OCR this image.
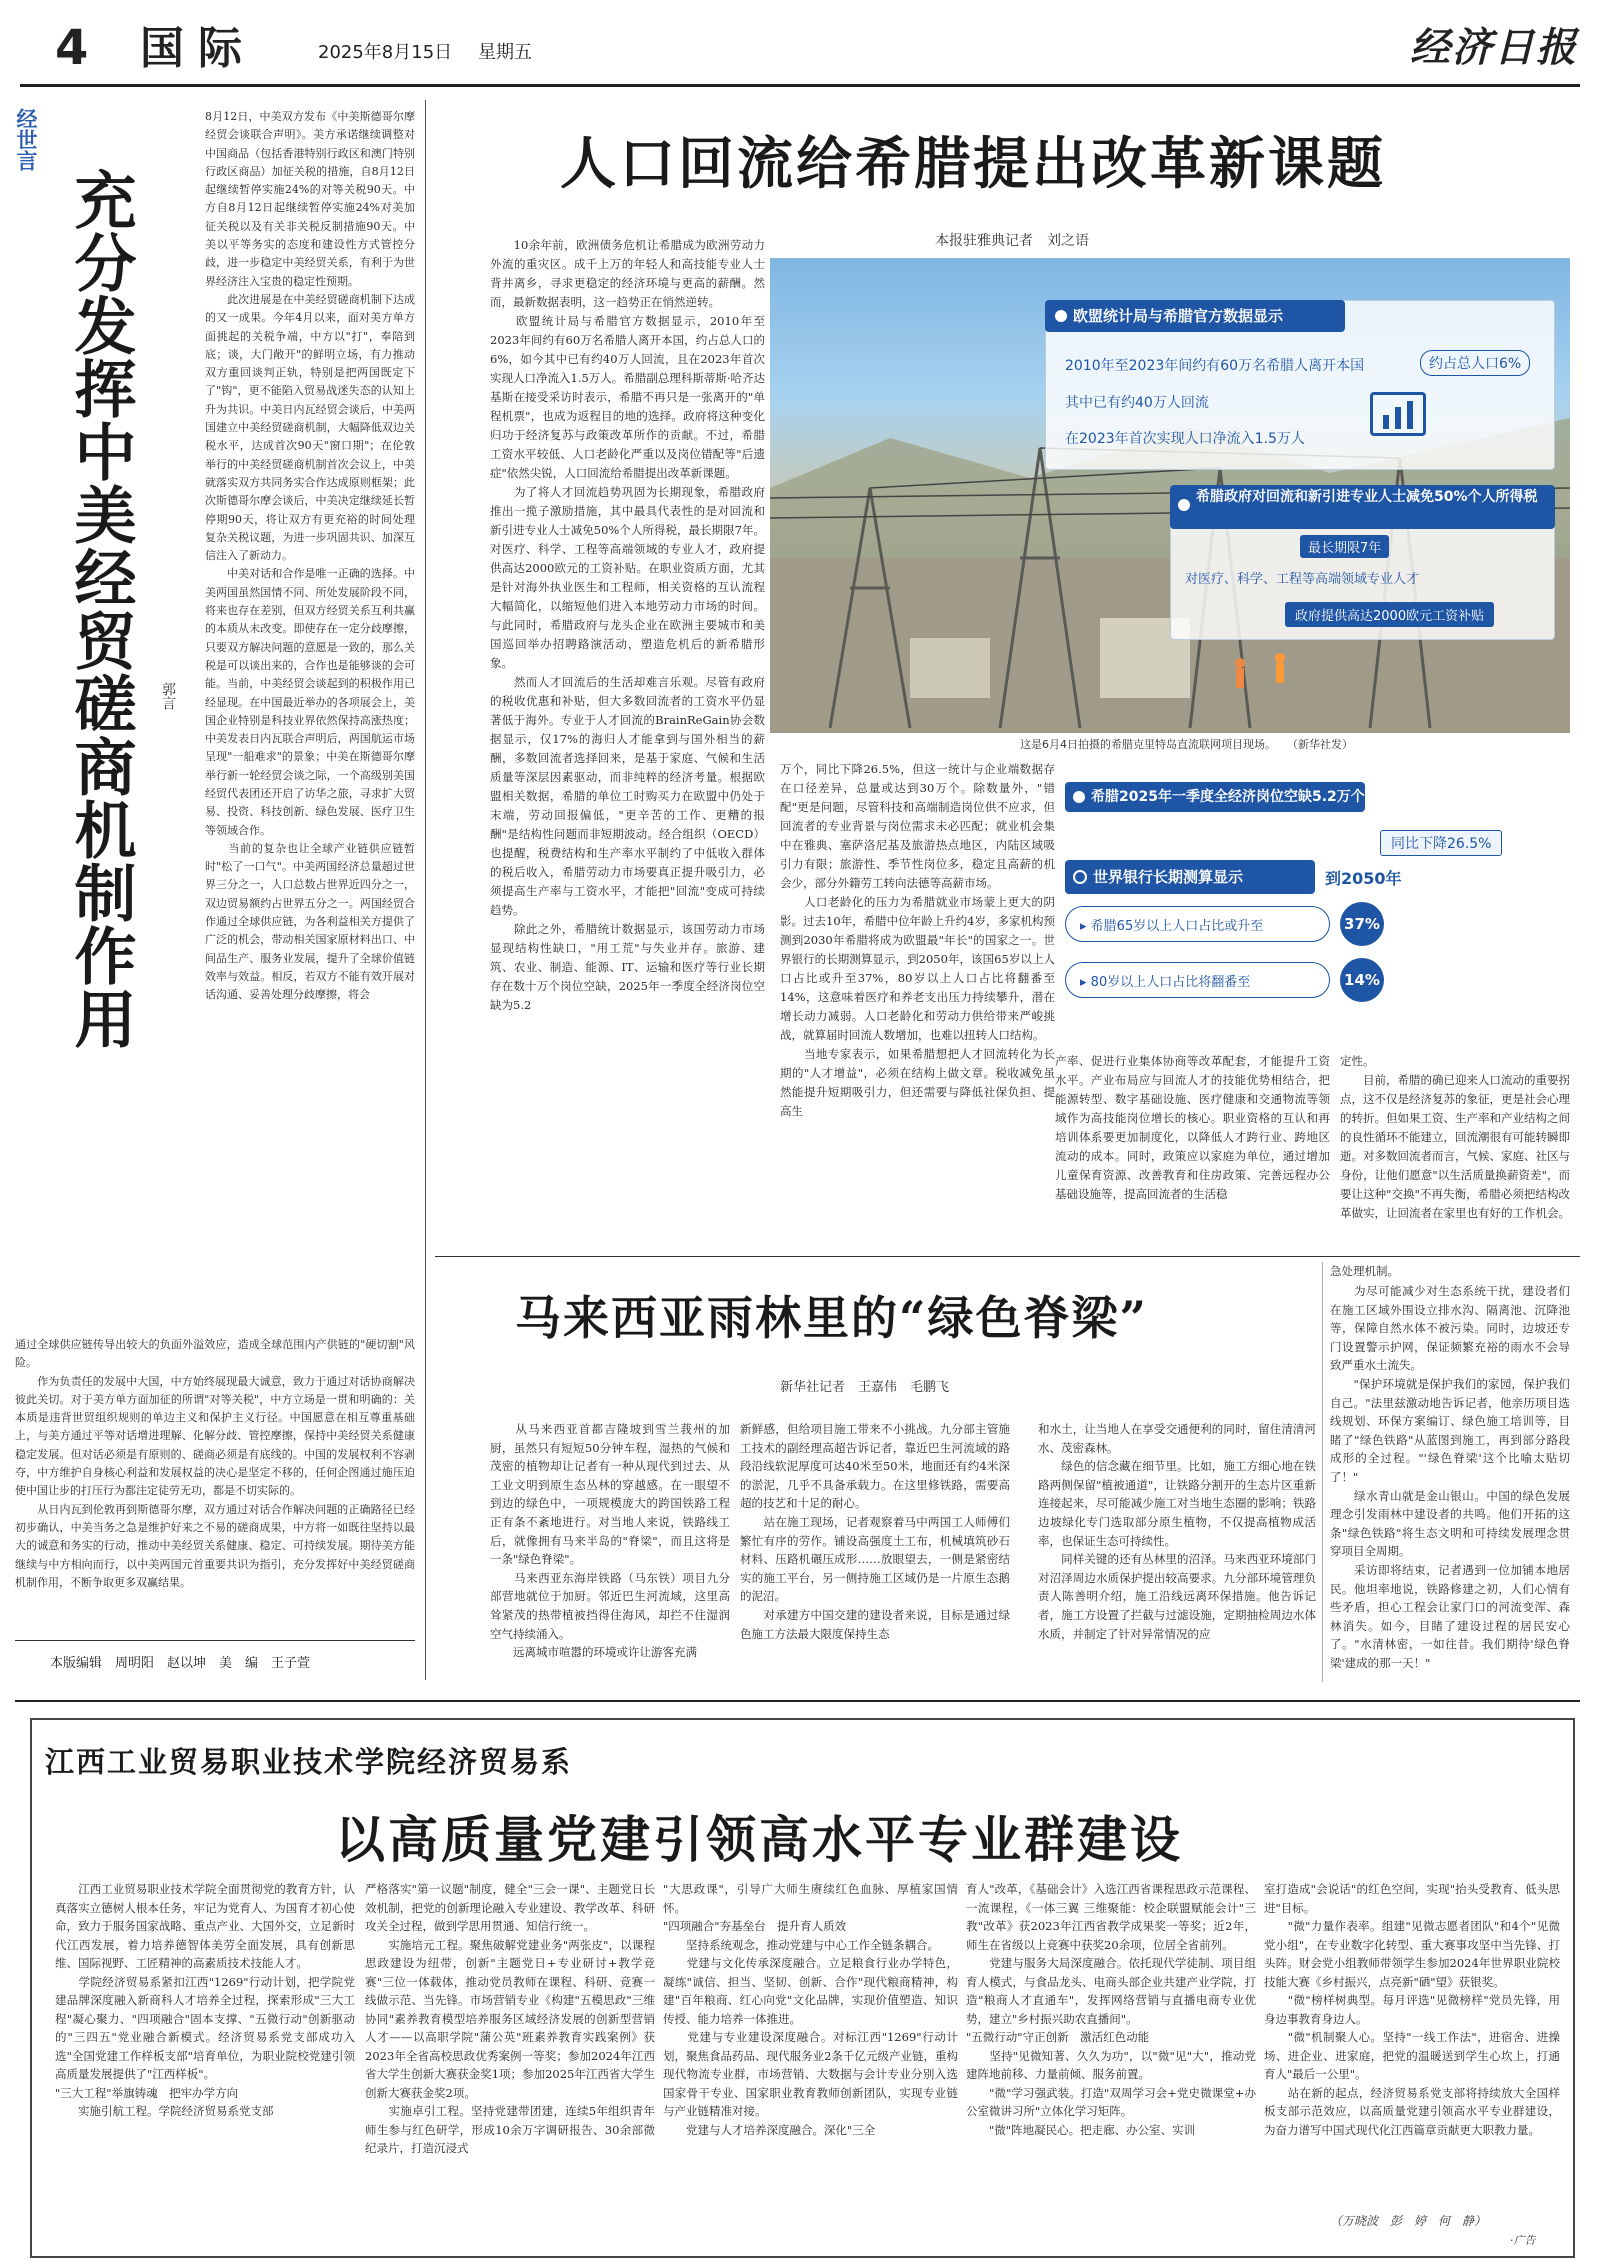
4 国际	2025年8月15日 星期五	经济日报
经世言
充分发挥中美经贸磋商机制作用	郭言
8月12日，中美双方发布《中美斯德哥尔摩经贸会谈联合声明》。美方承诺继续调整对中国商品（包括香港特别行政区和澳门特别行政区商品）加征关税的措施，自8月12日起继续暂停实施24%的对等关税90天。中方自8月12日起继续暂停实施24%对美加征关税以及有关非关税反制措施90天。中美以平等务实的态度和建设性方式管控分歧，进一步稳定中美经贸关系，有利于为世界经济注入宝贵的稳定性预期。
　　此次进展是在中美经贸磋商机制下达成的又一成果。今年4月以来，面对美方单方面挑起的关税争端，中方以"打"，奉陪到底；谈，大门敞开"的鲜明立场，有力推动双方重回谈判正轨，特别是把两国既定下了"钩"，更不能陷入贸易战迷失态的认知上升为共识。中美日内瓦经贸会谈后，中美两国建立中美经贸磋商机制，大幅降低双边关税水平，达成首次90天"窗口期"；在伦敦举行的中美经贸磋商机制首次会议上，中美就落实双方共同务实合作达成原则框架；此次斯德哥尔摩会谈后，中美决定继续延长暂停期90天，将让双方有更充裕的时间处理复杂关税议题，为进一步巩固共识、加深互信注入了新动力。
　　中美对话和合作是唯一正确的选择。中美两国虽然国情不同、所处发展阶段不同，将来也存在差别，但双方经贸关系互利共赢的本质从未改变。即使存在一定分歧摩擦，只要双方解决问题的意愿是一致的，那么关税是可以谈出来的，合作也是能够谈的会可能。当前，中美经贸会谈起到的积极作用已经显现。在中国最近举办的各项展会上，美国企业特别是科技业界依然保持高涨热度；中美发表日内瓦联合声明后，两国航运市场呈现"一船难求"的景象；中美在斯德哥尔摩举行新一轮经贸会谈之际，一个高级别美国经贸代表团还开启了访华之旅，寻求扩大贸易、投资、科技创新、绿色发展、医疗卫生等领域合作。
　　当前的复杂也让全球产业链供应链暂时"松了一口气"。中美两国经济总量超过世界三分之一，人口总数占世界近四分之一，双边贸易额约占世界五分之一。两国经贸合作通过全球供应链，为各利益相关方提供了广泛的机会，带动相关国家原材料出口、中间品生产、服务业发展，提升了全球价值链效率与效益。相反，若双方不能有效开展对话沟通、妥善处理分歧摩擦，将会
通过全球供应链传导出较大的负面外溢效应，造成全球范围内产供链的"硬切割"风险。
　　作为负责任的发展中大国，中方始终展现最大诚意，致力于通过对话协商解决彼此关切。对于美方单方面加征的所谓"对等关税"，中方立场是一贯和明确的：关本质是违背世贸组织规则的单边主义和保护主义行径。中国愿意在相互尊重基础上，与美方通过平等对话增进理解、化解分歧、管控摩擦，保持中美经贸关系健康稳定发展。但对话必须是有原则的、磋商必须是有底线的。中国的发展权利不容剥夺，中方维护自身核心利益和发展权益的决心是坚定不移的，任何企图通过施压迫使中国让步的打压行为都注定徒劳无功，都是不切实际的。
　　从日内瓦到伦敦再到斯德哥尔摩，双方通过对话合作解决问题的正确路径已经初步确认，中美当务之急是维护好来之不易的磋商成果，中方将一如既往坚持以最大的诚意和务实的行动，推动中美经贸关系健康、稳定、可持续发展。期待美方能继续与中方相向而行，以中美两国元首重要共识为指引，充分发挥好中美经贸磋商机制作用，不断争取更多双赢结果。
本版编辑　周明阳　赵以坤　美　编　王子萱
人口回流给希腊提出改革新课题
本报驻雅典记者　刘之语
欧盟统计局与希腊官方数据显示
2010年至2023年间约有60万名希腊人离开本国	约占总人口6%
其中已有约40万人回流
在2023年首次实现人口净流入1.5万人
希腊政府对回流和新引进专业人士减免50%个人所得税
最长期限7年
对医疗、科学、工程等高端领域专业人才
政府提供高达2000欧元工资补贴
这是6月4日拍摄的希腊克里特岛直流联网项目现场。　　（新华社发）
　　10余年前，欧洲债务危机让希腊成为欧洲劳动力外流的重灾区。成千上万的年轻人和高技能专业人士背井离乡，寻求更稳定的经济环境与更高的薪酬。然而，最新数据表明，这一趋势正在悄然逆转。
　　欧盟统计局与希腊官方数据显示，2010年至2023年间约有60万名希腊人离开本国，约占总人口的6%，如今其中已有约40万人回流，且在2023年首次实现人口净流入1.5万人。希腊副总理科斯蒂斯·哈齐达基斯在接受采访时表示，希腊不再只是一张离开的"单程机票"，也成为返程目的地的选择。政府将这种变化归功于经济复苏与政策改革所作的贡献。不过，希腊工资水平较低、人口老龄化严重以及岗位错配等"后遗症"依然尖锐，人口回流给希腊提出改革新课题。
　　为了将人才回流趋势巩固为长期现象，希腊政府推出一揽子激励措施，其中最具代表性的是对回流和新引进专业人士减免50%个人所得税，最长期限7年。对医疗、科学、工程等高端领域的专业人才，政府提供高达2000欧元的工资补贴。在职业资质方面，尤其是针对海外执业医生和工程师，相关资格的互认流程大幅简化，以缩短他们进入本地劳动力市场的时间。与此同时，希腊政府与龙头企业在欧洲主要城市和美国巡回举办招聘路演活动，塑造危机后的新希腊形象。
　　然而人才回流后的生活却难言乐观。尽管有政府的税收优惠和补贴，但大多数回流者的工资水平仍显著低于海外。专业于人才回流的BrainReGain协会数据显示，仅17%的海归人才能拿到与国外相当的薪酬，多数回流者选择回来，是基于家庭、气候和生活质量等深层因素驱动，而非纯粹的经济考量。根据欧盟相关数据，希腊的单位工时购买力在欧盟中仍处于末端，劳动回报偏低，"更辛苦的工作、更糟的报酬"是结构性问题而非短期波动。经合组织（OECD）也提醒，税费结构和生产率水平制约了中低收入群体的税后收入，希腊劳动力市场要真正提升吸引力，必须提高生产率与工资水平，才能把"回流"变成可持续趋势。
　　除此之外，希腊统计数据显示，该国劳动力市场显现结构性缺口，"用工荒"与失业并存。旅游、建筑、农业、制造、能源、IT、运输和医疗等行业长期存在数十万个岗位空缺，2025年一季度全经济岗位空缺为5.2
万个，同比下降26.5%，但这一统计与企业端数据存在口径差异，总量或达到30万个。除数量外，"错配"更是问题，尽管科技和高端制造岗位供不应求，但回流者的专业背景与岗位需求未必匹配；就业机会集中在雅典、塞萨洛尼基及旅游热点地区，内陆区域吸引力有限；旅游性、季节性岗位多，稳定且高薪的机会少，部分外籍劳工转向法德等高薪市场。
　　人口老龄化的压力为希腊就业市场蒙上更大的阴影。过去10年，希腊中位年龄上升约4岁，多家机构预测到2030年希腊将成为欧盟最"年长"的国家之一。世界银行的长期测算显示，到2050年，该国65岁以上人口占比或升至37%，80岁以上人口占比将翻番至14%，这意味着医疗和养老支出压力持续攀升，潜在增长动力减弱。人口老龄化和劳动力供给带来严峻挑战，就算届时回流人数增加，也难以扭转人口结构。
　　当地专家表示，如果希腊想把人才回流转化为长期的"人才增益"，必须在结构上做文章。税收减免虽然能提升短期吸引力，但还需要与降低社保负担、提高生
产率、促进行业集体协商等改革配套，才能提升工资水平。产业布局应与回流人才的技能优势相结合，把能源转型、数字基础设施、医疗健康和交通物流等领域作为高技能岗位增长的核心。职业资格的互认和再培训体系要更加制度化，以降低人才跨行业、跨地区流动的成本。同时，政策应以家庭为单位，通过增加儿童保育资源、改善教育和住房政策、完善远程办公基础设施等，提高回流者的生活稳
定性。
　　目前，希腊的确已迎来人口流动的重要拐点，这不仅是经济复苏的象征，更是社会心理的转折。但如果工资、生产率和产业结构之间的良性循环不能建立，回流潮很有可能转瞬即逝。对多数回流者而言，气候、家庭、社区与身份，让他们愿意"以生活质量换薪资差"，而要让这种"交换"不再失衡，希腊必须把结构改革做实，让回流者在家里也有好的工作机会。
希腊2025年一季度全经济岗位空缺5.2万个
同比下降26.5%
世界银行长期测算显示	到2050年
▸ 希腊65岁以上人口占比或升至	37%
▸ 80岁以上人口占比将翻番至	14%
马来西亚雨林里的“绿色脊梁”
新华社记者　王嘉伟　毛鹏飞
　　从马来西亚首都吉隆坡到雪兰莪州的加厨，虽然只有短短50分钟车程，湿热的气候和茂密的植物却让记者有一种从现代到过去、从工业文明到原生态丛林的穿越感。在一眼望不到边的绿色中，一项规模庞大的跨国铁路工程正有条不紊地进行。对当地人来说，铁路线工后，就像拥有马来半岛的"脊梁"，而且这将是一条"绿色脊梁"。
　　马来西亚东海岸铁路（马东铁）项目九分部营地就位于加厨。邻近巴生河流域，这里高耸紧茂的热带植被挡得住海风，却拦不住湿润空气持续涌入。
　　远离城市喧嚣的环境或许让游客充满
新鲜感，但给项目施工带来不小挑战。九分部主管施工技术的副经理高超告诉记者，靠近巴生河流域的路段沿线软泥厚度可达40米至50米，地面还有约4米深的淤泥，几乎不具备承载力。在这里修铁路，需要高超的技艺和十足的耐心。
　　站在施工现场，记者观察着马中两国工人师傅们繁忙有序的劳作。铺设高强度土工布，机械填筑砂石材料、压路机碾压成形……放眼望去，一侧是紧密结实的施工平台，另一侧持施工区域仍是一片原生态鹅的泥沼。
　　对承建方中国交建的建设者来说，目标是通过绿色施工方法最大限度保持生态
和水土，让当地人在享受交通便利的同时，留住清清河水、茂密森林。
　　绿色的信念藏在细节里。比如，施工方细心地在铁路两侧保留"植被通道"，让铁路分割开的生态片区重新连接起来，尽可能减少施工对当地生态圈的影响；铁路边坡绿化专门选取部分原生植物，不仅提高植物成活率，也保证生态可持续性。
　　同样关键的还有丛林里的沼泽。马来西亚环境部门对沼泽周边水质保护提出较高要求。九分部环境管理负责人陈善明介绍，施工沿线远离环保措施。他告诉记者，施工方设置了拦截与过滤设施，定期抽检周边水体水质，并制定了针对异常情况的应
急处理机制。
　　为尽可能减少对生态系统干扰，建设者们在施工区域外围设立排水沟、隔离池、沉降池等，保障自然水体不被污染。同时，边坡还专门设置警示护网，保证频繁充裕的雨水不会导致严重水土流失。
　　"保护环境就是保护我们的家园，保护我们自己。"法里兹激动地告诉记者，他亲历项目选线规划、环保方案编订、绿色施工培训等，目睹了"绿色铁路"从蓝图到施工，再到部分路段成形的全过程。"'绿色脊梁'这个比喻太贴切了！"
　　绿水青山就是金山银山。中国的绿色发展理念引发雨林中建设者的共鸣。他们开拓的这条"绿色铁路"将生态文明和可持续发展理念贯穿项目全周期。
　　采访即将结束，记者遇到一位加铺本地居民。他坦率地说，铁路修建之初，人们心情有些矛盾，担心工程会让家门口的河流变浑、森林消失。如今，目睹了建设过程的居民安心了。"水清林密，一如往昔。我们期待'绿色脊梁'建成的那一天！"
江西工业贸易职业技术学院经济贸易系
以高质量党建引领高水平专业群建设
　　江西工业贸易职业技术学院全面贯彻党的教育方针，认真落实立德树人根本任务，牢记为党育人、为国育才初心使命，致力于服务国家战略、重点产业、大国外交，立足新时代江西发展，着力培养德智体美劳全面发展，具有创新思维、国际视野、工匠精神的高素质技术技能人才。
　　学院经济贸易系紧扣江西"1269"行动计划，把学院党建品牌深度融入新商科人才培养全过程，探索形成"三大工程"凝心聚力、"四项融合"固本支撑、"五微行动"创新驱动的"三四五"党业融合新模式。经济贸易系党支部成功入选"全国党建工作样板支部"培育单位，为职业院校党建引领高质量发展提供了"江西样板"。
"三大工程"举旗铸魂　把牢办学方向
　　实施引航工程。学院经济贸易系党支部
严格落实"第一议题"制度，健全"三会一课"、主题党日长效机制，把党的创新理论融入专业建设、教学改革、科研攻关全过程，做到学思用贯通、知信行统一。
　　实施培元工程。聚焦破解党建业务"两张皮"，以课程思政建设为纽带，创新"主题党日+专业研讨+教学竞赛"三位一体载体，推动党员教师在课程、科研、竞赛一线做示范、当先锋。市场营销专业《构建"五模思政"三维协同"素养教育模型培养服务区域经济发展的创新型营销人才——以高职学院"蒲公英"班素养教育实践案例》获2023年全省高校思政优秀案例一等奖；参加2024年江西省大学生创新大赛获金奖1项；参加2025年江西省大学生创新大赛获金奖2项。
　　实施卓引工程。坚持党建带团建，连续5年组织青年师生参与红色研学，形成10余万字调研报告、30余部微纪录片，打造沉浸式
"大思政课"，引导广大师生赓续红色血脉、厚植家国情怀。
"四项融合"夯基垒台　提升育人质效
　　坚持系统观念，推动党建与中心工作全链条耦合。
　　党建与文化传承深度融合。立足粮食行业办学特色，凝练"诚信、担当、坚韧、创新、合作"现代粮商精神，构建"百年粮商、红心向党"文化品牌，实现价值塑造、知识传授、能力培养一体推进。
　　党建与专业建设深度融合。对标江西"1269"行动计划，聚焦食品药品、现代服务业2条千亿元级产业链，重构现代物流专业群，市场营销、大数据与会计专业分别入选国家骨干专业、国家职业教育教师创新团队，实现专业链与产业链精准对接。
　　党建与人才培养深度融合。深化"三全
育人"改革，《基础会计》入选江西省课程思政示范课程、一流课程，《一体三翼 三维聚能：校企联盟赋能会计"三教"改革》获2023年江西省教学成果奖一等奖；近2年，师生在省级以上竞赛中获奖20余项，位居全省前列。
　　党建与服务大局深度融合。依托现代学徒制、项目组育人模式，与食品龙头、电商头部企业共建产业学院，打造"粮商人才直通车"，发挥网络营销与直播电商专业优势，建立"乡村振兴助农直播间"。
"五微行动"守正创新　激活红色动能
　　坚持"见微知著、久久为功"，以"微"见"大"，推动党建阵地前移、力量前倾、服务前置。
　　"微"学习强武装。打造"双周学习会+党史微课堂+办公室微讲习所"立体化学习矩阵。
　　"微"阵地凝民心。把走廊、办公室、实训
室打造成"会说话"的红色空间，实现"抬头受教育、低头思进"目标。
　　"微"力量作表率。组建"见微志愿者团队"和4个"见微党小组"，在专业数字化转型、重大赛事攻坚中当先锋、打头阵。财会党小组教师带领学生参加2024年世界职业院校技能大赛《乡村振兴，点亮新"硒"望》获银奖。
　　"微"榜样树典型。每月评选"见微榜样"党员先锋，用身边事教育身边人。
　　"微"机制聚人心。坚持"一线工作法"，进宿舍、进操场、进企业、进家庭，把党的温暖送到学生心坎上，打通育人"最后一公里"。
　　站在新的起点，经济贸易系党支部将持续放大全国样板支部示范效应，以高质量党建引领高水平专业群建设，为奋力谱写中国式现代化江西篇章贡献更大职教力量。
（万晓波　彭　婷　何　静）
·广告
